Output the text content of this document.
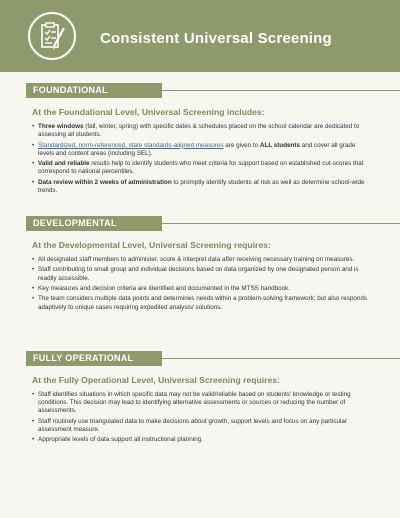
Consistent Universal Screening
FOUNDATIONAL
At the Foundational Level, Universal Screening includes:
• Three windows (fall, winter, spring) with specific dates & schedules placed on the school calendar are dedicated to assessing all students.
• Standardized, norm-referenced, state standards-aligned measures are given to ALL students and cover all grade levels and content areas (including SEL).
• Valid and reliable results help to identify students who meet criteria for support based on established cut-scores that correspond to national percentiles.
• Data review within 2 weeks of administration to promptly identify students at risk as well as determine school-wide trends.
DEVELOPMENTAL
At the Developmental Level, Universal Screening requires:
• All designated staff members to administer, score & interpret data after receiving necessary training on measures.
• Staff contributing to small group and individual decisions based on data organized by one designated person and is readily accessible.
• Key measures and decision criteria are identified and documented in the MTSS handbook.
• The team considers multiple data points and determines needs within a problem-solving framework; but also responds adaptively to unique cases requiring expedited analysis/ solutions.
FULLY OPERATIONAL
At the Fully Operational Level, Universal Screening requires:
• Staff identifies situations in which specific data may not be valid/reliable based on students' knowledge or testing conditions. This decision may lead to identifying alternative assessments or sources or reducing the number of assessments.
• Staff routinely use triangulated data to make decisions about growth, support levels and focus on any particular assessment measure.
• Appropriate levels of data support all instructional planning.
